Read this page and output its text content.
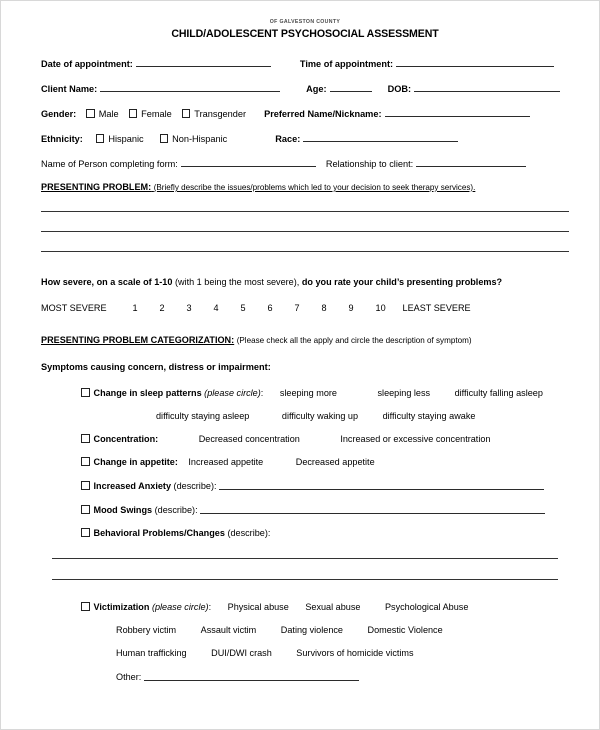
OF GALVESTON COUNTY
CHILD/ADOLESCENT PSYCHOSOCIAL ASSESSMENT
Date of appointment:	Time of appointment:
Client Name:	Age:	DOB:
Gender:	Male	Female	Transgender Preferred Name/Nickname:
Ethnicity:	Hispanic	Non-Hispanic	Race:
Name of Person completing form:	Relationship to client:
PRESENTING PROBLEM: (Briefly describe the issues/problems which led to your decision to seek therapy services).
How severe, on a scale of 1-10 (with 1 being the most severe), do you rate your child’s presenting problems?
MOST SEVERE	1	2	3	4	5	6	7	8	9	10	LEAST SEVERE
PRESENTING PROBLEM CATEGORIZATION: (Please check all the apply and circle the description of symptom)
Symptoms causing concern, distress or impairment:
Change in sleep patterns (please circle): sleeping more	sleeping less	difficulty falling asleep
difficulty staying asleep	difficulty waking up	difficulty staying awake
Concentration:	Decreased concentration	Increased or excessive concentration
Change in appetite: Increased appetite	Decreased appetite
Increased Anxiety (describe):
Mood Swings (describe):
Behavioral Problems/Changes (describe):
Victimization (please circle): Physical abuse Sexual abuse	Psychological Abuse
Robbery victim	Assault victim	Dating violence	Domestic Violence
Human trafficking	DUI/DWI crash	Survivors of homicide victims
Other:
